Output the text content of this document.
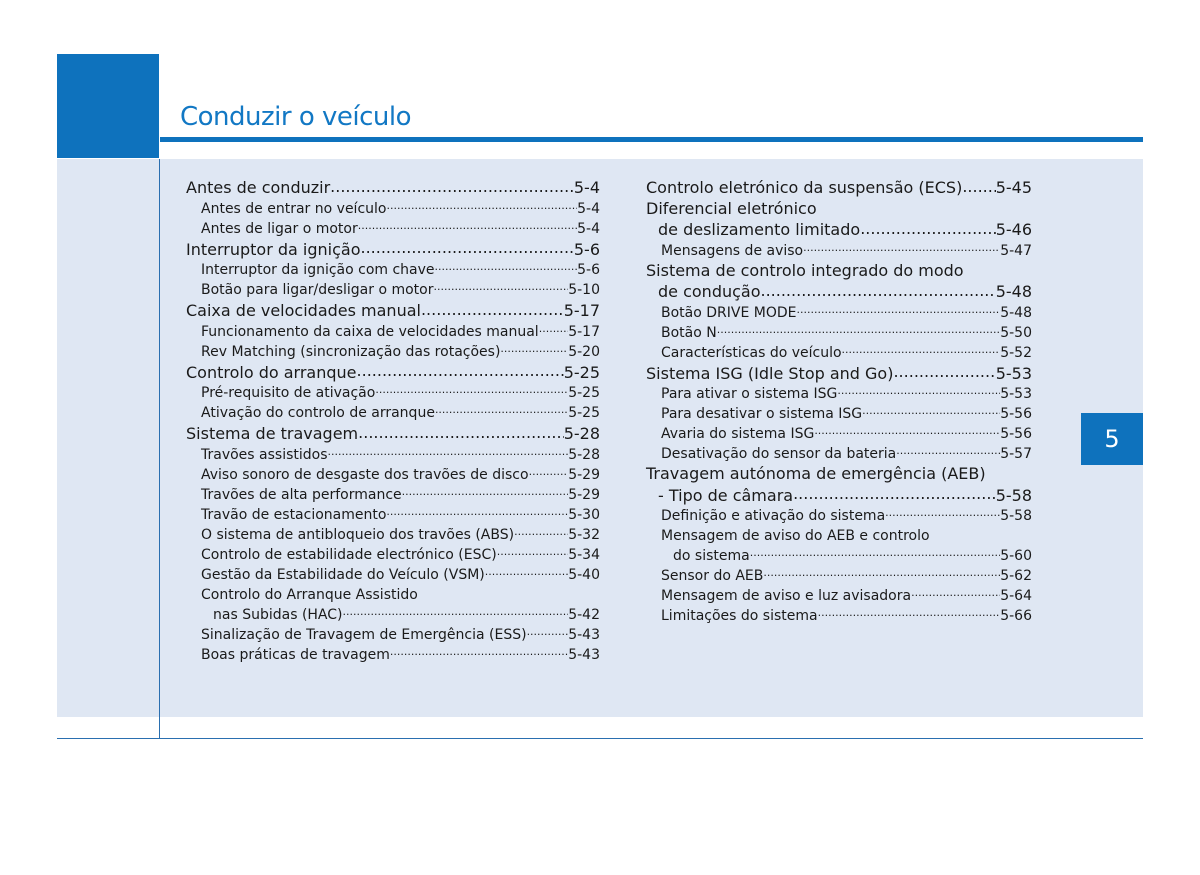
Conduzir o veículo
5
Antes de conduzir .....	5-4
Antes de entrar no veículo .....	5-4
Antes de ligar o motor .....	5-4
Interruptor da ignição .....	5-6
Interruptor da ignição com chave .....	5-6
Botão para ligar/desligar o motor .....	5-10
Caixa de velocidades manual .....	5-17
Funcionamento da caixa de velocidades manual ..... 5-17
Rev Matching (sincronização das rotações) .....	5-20
Controlo do arranque .....	5-25
Pré-requisito de ativação .....	5-25
Ativação do controlo de arranque .....	5-25
Sistema de travagem .....	5-28
Travões assistidos .....	5-28
Aviso sonoro de desgaste dos travões de disco .....	5-29
Travões de alta performance .....	5-29
Travão de estacionamento .....	5-30
O sistema de antibloqueio dos travões (ABS) .....	5-32
Controlo de estabilidade electrónico (ESC) .....	5-34
Gestão da Estabilidade do Veículo (VSM) .....	5-40
Controlo do Arranque Assistido
nas Subidas (HAC) .....	5-42
Sinalização de Travagem de Emergência (ESS) .....	5-43
Boas práticas de travagem .....	5-43
Controlo eletrónico da suspensão (ECS) ..... 5-45
Diferencial eletrónico
de deslizamento limitado .....	5-46
Mensagens de aviso .....	5-47
Sistema de controlo integrado do modo
de condução .....	5-48
Botão DRIVE MODE .....	5-48
Botão N .....	5-50
Características do veículo .....	5-52
Sistema ISG (Idle Stop and Go) .....	5-53
Para ativar o sistema ISG .....	5-53
Para desativar o sistema ISG .....	5-56
Avaria do sistema ISG .....	5-56
Desativação do sensor da bateria .....	5-57
Travagem autónoma de emergência (AEB)
- Tipo de câmara .....	5-58
Definição e ativação do sistema .....	5-58
Mensagem de aviso do AEB e controlo
do sistema .....	5-60
Sensor do AEB .....	5-62
Mensagem de aviso e luz avisadora .....	5-64
Limitações do sistema .....	5-66
